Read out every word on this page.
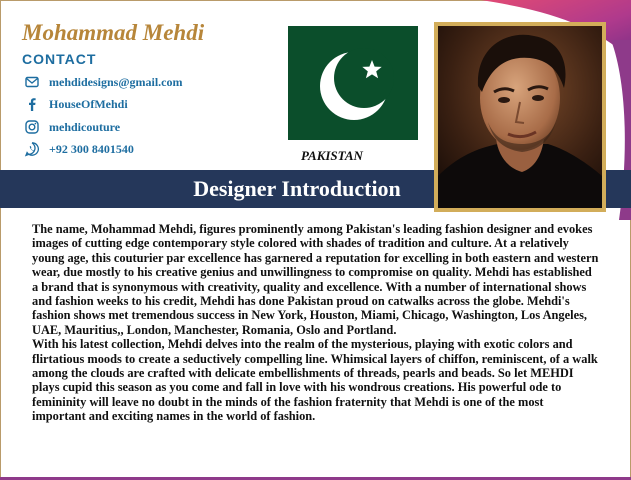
Mohammad Mehdi
CONTACT
mehdidesigns@gmail.com
HouseOfMehdi
mehdicouture
+92 300 8401540	PAKISTAN
Designer Introduction

The name, Mohammad Mehdi, figures prominently among Pakistan's leading fashion designer and evokes images of cutting edge contemporary style colored with shades of tradition and culture. At a relatively young age, this couturier par excellence has garnered a reputation for excelling in both eastern and western wear, due mostly to his creative genius and unwillingness to compromise on quality. Mehdi has established a brand that is synonymous with creativity, quality and excellence. With a number of international shows and fashion weeks to his credit, Mehdi has done Pakistan proud on catwalks across the globe. Mehdi's fashion shows met tremendous success in New York, Houston, Miami, Chicago, Washington, Los Angeles, UAE, Mauritius,, London, Manchester, Romania, Oslo and Portland.

With his latest collection, Mehdi delves into the realm of the mysterious, playing with exotic colors and flirtatious moods to create a seductively compelling line. Whimsical layers of chiffon, reminiscent, of a walk among the clouds are crafted with delicate embellishments of threads, pearls and beads. So let MEHDI plays cupid this season as you come and fall in love with his wondrous creations. His powerful ode to femininity will leave no doubt in the minds of the fashion fraternity that Mehdi is one of the most important and exciting names in the world of fashion.
